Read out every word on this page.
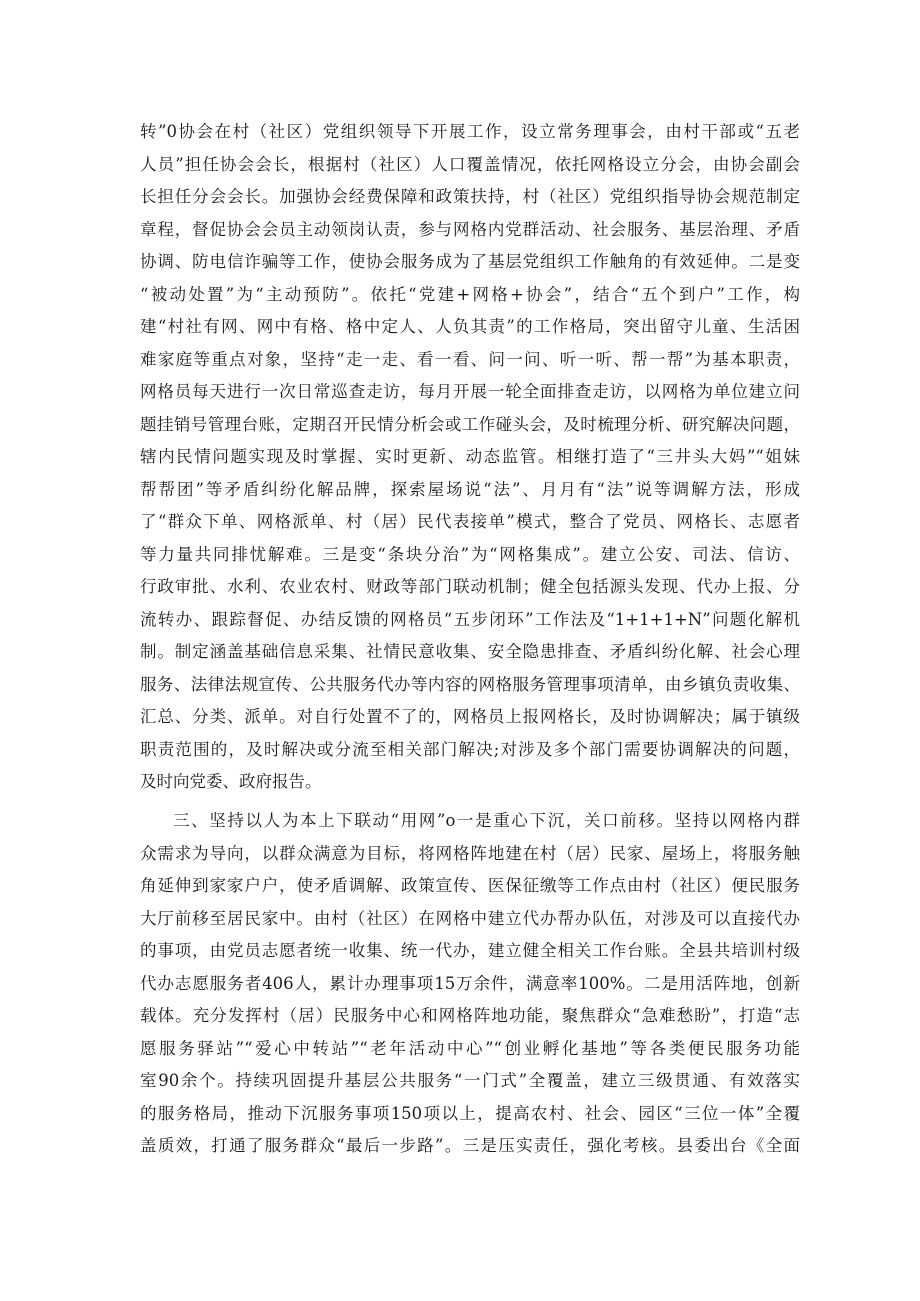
转”0协会在村（社区）党组织领导下开展工作，设立常务理事会，由村干部或“五老
人员”担任协会会长，根据村（社区）人口覆盖情况，依托网格设立分会，由协会副会
长担任分会会长。加强协会经费保障和政策扶持，村（社区）党组织指导协会规范制定
章程，督促协会会员主动领岗认责，参与网格内党群活动、社会服务、基层治理、矛盾
协调、防电信诈骗等工作，使协会服务成为了基层党组织工作触角的有效延伸。二是变
“被动处置”为“主动预防”。依托“党建+网格+协会”，结合“五个到户”工作，构
建“村社有网、网中有格、格中定人、人负其责”的工作格局，突出留守儿童、生活困
难家庭等重点对象，坚持“走一走、看一看、问一问、听一听、帮一帮”为基本职责，
网格员每天进行一次日常巡查走访，每月开展一轮全面排查走访，以网格为单位建立问
题挂销号管理台账，定期召开民情分析会或工作碰头会，及时梳理分析、研究解决问题，
辖内民情问题实现及时掌握、实时更新、动态监管。相继打造了“三井头大妈”“姐妹
帮帮团”等矛盾纠纷化解品牌，探索屋场说“法”、月月有“法”说等调解方法，形成
了“群众下单、网格派单、村（居）民代表接单”模式，整合了党员、网格长、志愿者
等力量共同排忧解难。三是变“条块分治”为“网格集成”。建立公安、司法、信访、
行政审批、水利、农业农村、财政等部门联动机制；健全包括源头发现、代办上报、分
流转办、跟踪督促、办结反馈的网格员“五步闭环”工作法及“1+1+1+N”问题化解机
制。制定涵盖基础信息采集、社情民意收集、安全隐患排查、矛盾纠纷化解、社会心理
服务、法律法规宣传、公共服务代办等内容的网格服务管理事项清单，由乡镇负责收集、
汇总、分类、派单。对自行处置不了的，网格员上报网格长，及时协调解决；属于镇级
职责范围的，及时解决或分流至相关部门解决;对涉及多个部门需要协调解决的问题，
及时向党委、政府报告。
三、坚持以人为本上下联动“用网”o一是重心下沉，关口前移。坚持以网格内群
众需求为导向，以群众满意为目标，将网格阵地建在村（居）民家、屋场上，将服务触
角延伸到家家户户，使矛盾调解、政策宣传、医保征缴等工作点由村（社区）便民服务
大厅前移至居民家中。由村（社区）在网格中建立代办帮办队伍，对涉及可以直接代办
的事项，由党员志愿者统一收集、统一代办，建立健全相关工作台账。全县共培训村级
代办志愿服务者406人，累计办理事项15万余件，满意率100%。二是用活阵地，创新
载体。充分发挥村（居）民服务中心和网格阵地功能，聚焦群众“急难愁盼”，打造“志
愿服务驿站”“爱心中转站”“老年活动中心”“创业孵化基地”等各类便民服务功能
室90余个。持续巩固提升基层公共服务“一门式”全覆盖，建立三级贯通、有效落实
的服务格局，推动下沉服务事项150项以上，提高农村、社会、园区“三位一体”全覆
盖质效，打通了服务群众“最后一步路”。三是压实责任，强化考核。县委出台《全面
